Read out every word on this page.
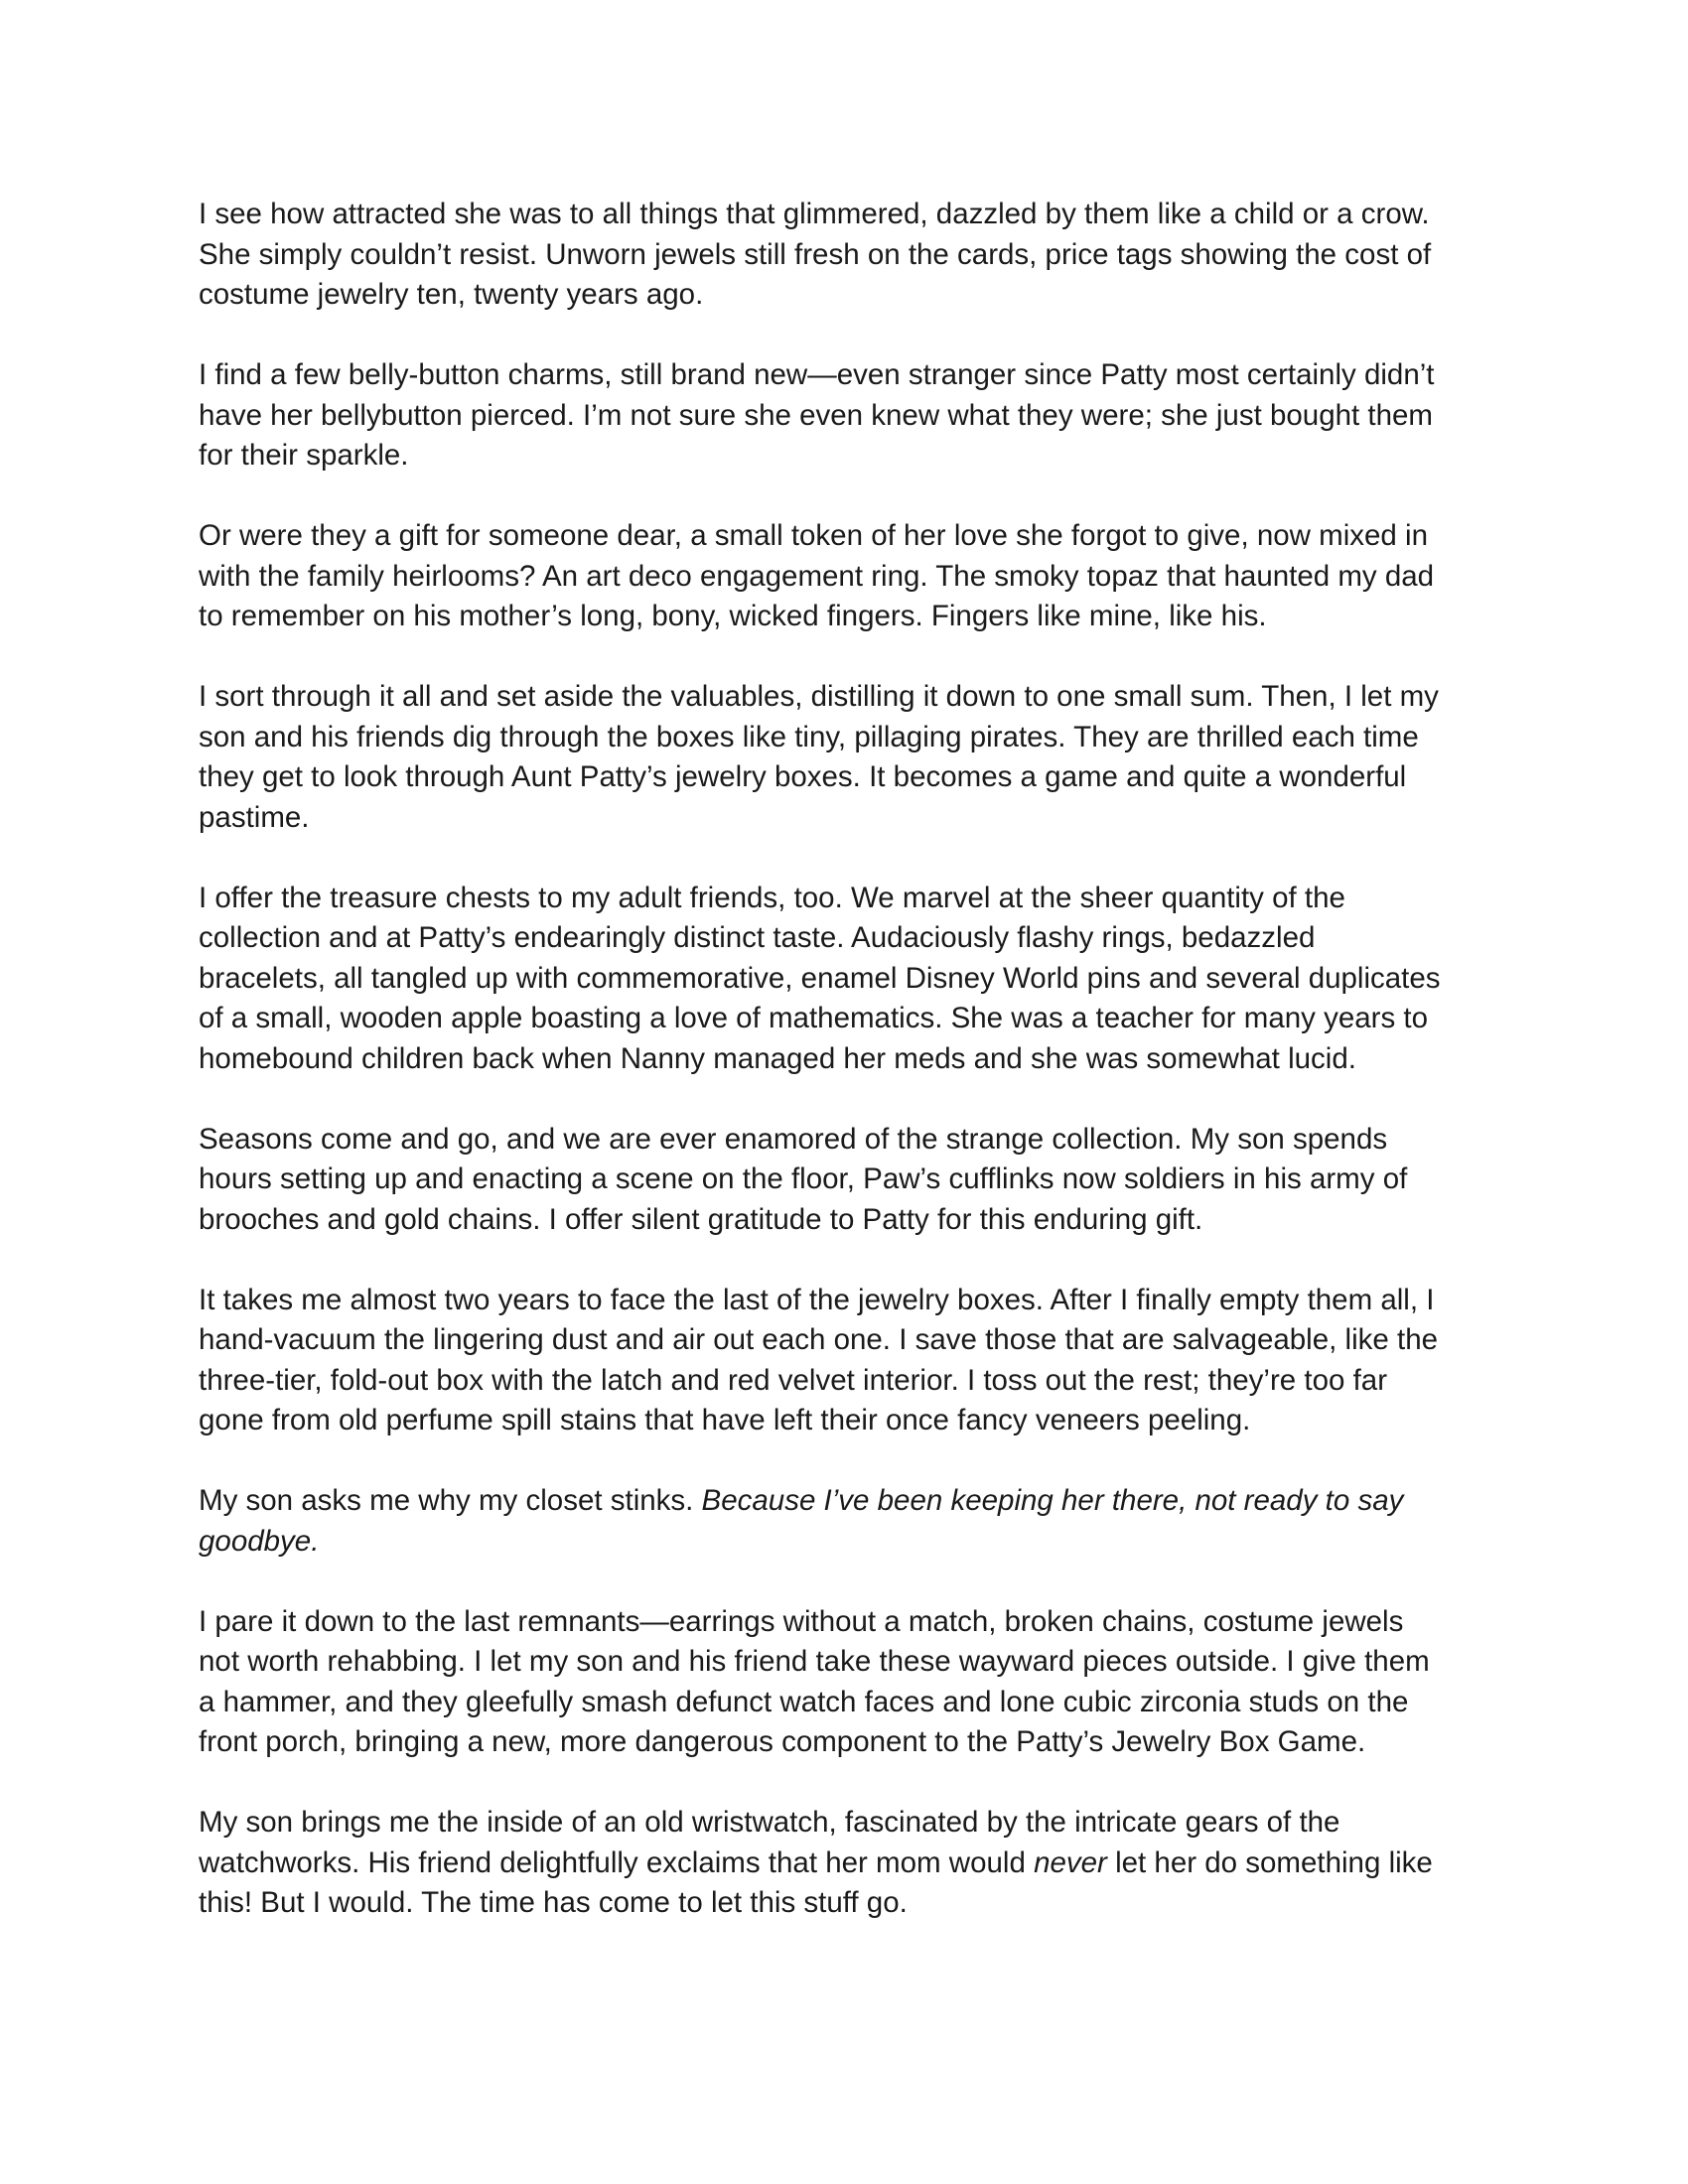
I see how attracted she was to all things that glimmered, dazzled by them like a child or a crow.
She simply couldn’t resist. Unworn jewels still fresh on the cards, price tags showing the cost of
costume jewelry ten, twenty years ago.

I find a few belly-button charms, still brand new—even stranger since Patty most certainly didn’t
have her bellybutton pierced. I’m not sure she even knew what they were; she just bought them
for their sparkle.

Or were they a gift for someone dear, a small token of her love she forgot to give, now mixed in
with the family heirlooms? An art deco engagement ring. The smoky topaz that haunted my dad
to remember on his mother’s long, bony, wicked fingers. Fingers like mine, like his.

I sort through it all and set aside the valuables, distilling it down to one small sum. Then, I let my
son and his friends dig through the boxes like tiny, pillaging pirates. They are thrilled each time
they get to look through Aunt Patty’s jewelry boxes. It becomes a game and quite a wonderful
pastime.

I offer the treasure chests to my adult friends, too. We marvel at the sheer quantity of the
collection and at Patty’s endearingly distinct taste. Audaciously flashy rings, bedazzled
bracelets, all tangled up with commemorative, enamel Disney World pins and several duplicates
of a small, wooden apple boasting a love of mathematics. She was a teacher for many years to
homebound children back when Nanny managed her meds and she was somewhat lucid.

Seasons come and go, and we are ever enamored of the strange collection. My son spends
hours setting up and enacting a scene on the floor, Paw’s cufflinks now soldiers in his army of
brooches and gold chains. I offer silent gratitude to Patty for this enduring gift.

It takes me almost two years to face the last of the jewelry boxes. After I finally empty them all, I
hand-vacuum the lingering dust and air out each one. I save those that are salvageable, like the
three-tier, fold-out box with the latch and red velvet interior. I toss out the rest; they’re too far
gone from old perfume spill stains that have left their once fancy veneers peeling.

My son asks me why my closet stinks. Because I’ve been keeping her there, not ready to say
goodbye.

I pare it down to the last remnants—earrings without a match, broken chains, costume jewels
not worth rehabbing. I let my son and his friend take these wayward pieces outside. I give them
a hammer, and they gleefully smash defunct watch faces and lone cubic zirconia studs on the
front porch, bringing a new, more dangerous component to the Patty’s Jewelry Box Game.

My son brings me the inside of an old wristwatch, fascinated by the intricate gears of the
watchworks. His friend delightfully exclaims that her mom would never let her do something like
this! But I would. The time has come to let this stuff go.
